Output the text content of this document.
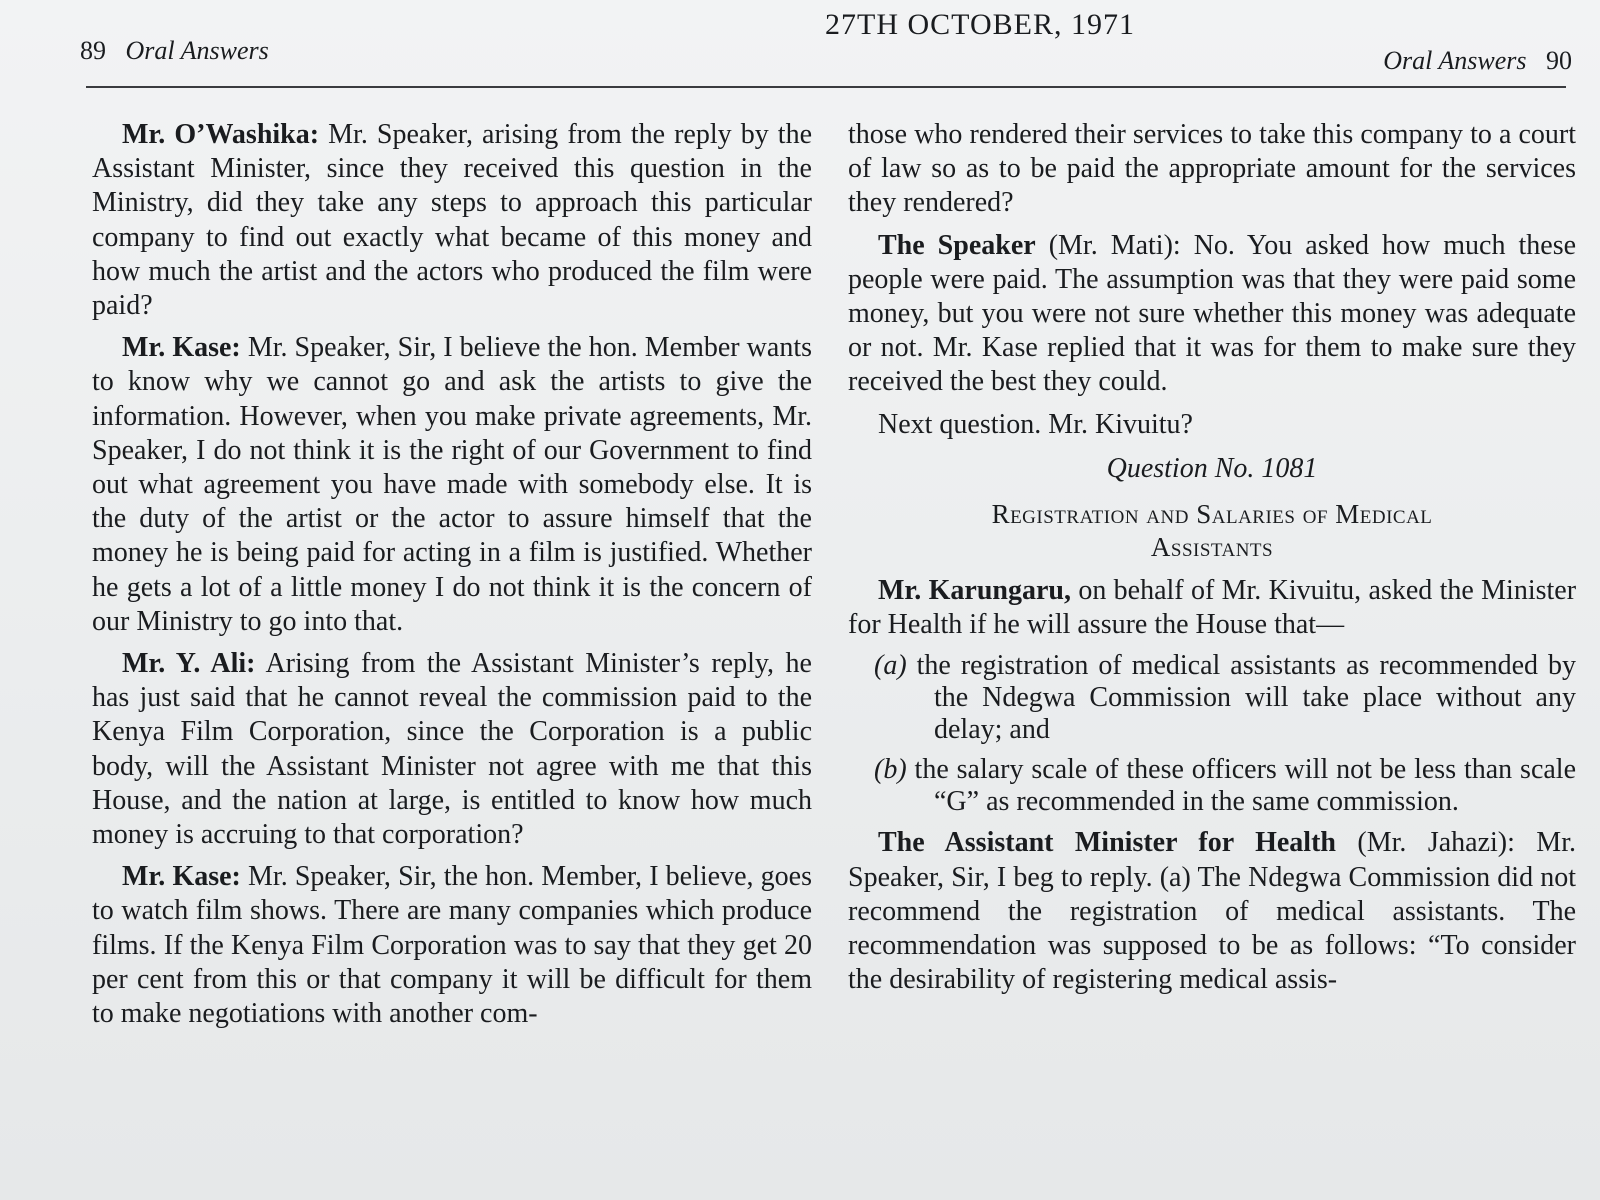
27TH OCTOBER, 1971
89 Oral Answers	Oral Answers 90

Mr. O’Washika: Mr. Speaker, arising from the reply by the Assistant Minister, since they received this question in the Ministry, did they take any steps to approach this particular company to find out exactly what became of this money and how much the artist and the actors who produced the film were paid?

Mr. Kase: Mr. Speaker, Sir, I believe the hon. Member wants to know why we cannot go and ask the artists to give the information. However, when you make private agreements, Mr. Speaker, I do not think it is the right of our Government to find out what agreement you have made with somebody else. It is the duty of the artist or the actor to assure himself that the money he is being paid for acting in a film is justified. Whether he gets a lot of a little money I do not think it is the concern of our Ministry to go into that.

Mr. Y. Ali: Arising from the Assistant Minister’s reply, he has just said that he cannot reveal the commission paid to the Kenya Film Corporation, since the Corporation is a public body, will the Assistant Minister not agree with me that this House, and the nation at large, is entitled to know how much money is accruing to that corporation?

Mr. Kase: Mr. Speaker, Sir, the hon. Member, I believe, goes to watch film shows. There are many companies which produce films. If the Kenya Film Corporation was to say that they get 20 per cent from this or that company it will be difficult for them to make negotiations with another com-

those who rendered their services to take this company to a court of law so as to be paid the appropriate amount for the services they rendered?

The Speaker (Mr. Mati): No. You asked how much these people were paid. The assumption was that they were paid some money, but you were not sure whether this money was adequate or not. Mr. Kase replied that it was for them to make sure they received the best they could.

Next question. Mr. Kivuitu?

Question No. 1081

Registration and Salaries of Medical
Assistants

Mr. Karungaru, on behalf of Mr. Kivuitu, asked the Minister for Health if he will assure the House that—

(a) the registration of medical assistants as recommended by the Ndegwa Commission will take place without any delay; and

(b) the salary scale of these officers will not be less than scale “G” as recommended in the same commission.

The Assistant Minister for Health (Mr. Jahazi): Mr. Speaker, Sir, I beg to reply. (a) The Ndegwa Commission did not recommend the registration of medical assistants. The recommendation was supposed to be as follows: “To consider the desirability of registering medical assis-
